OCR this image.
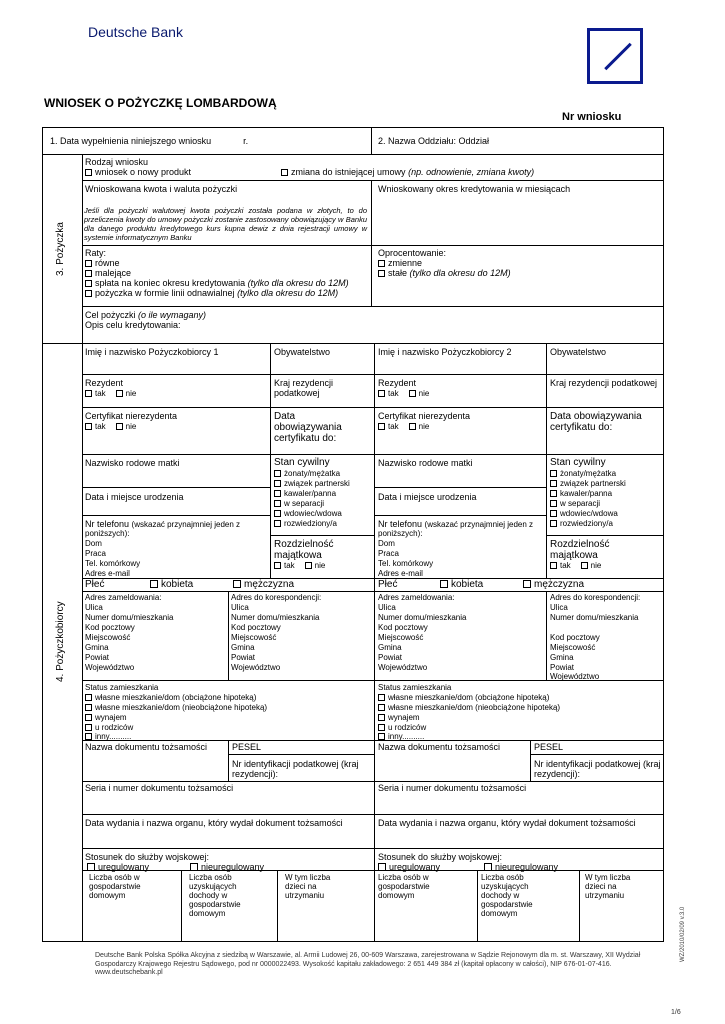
Deutsche Bank
WNIOSEK O POŻYCZKĘ LOMBARDOWĄ
Nr wniosku
1. Data wypełnienia niniejszego wniosku	r.	2. Nazwa Oddziału: Oddział
3. Pożyczka
Rodzaj wniosku
wniosek o nowy produkt	zmiana do istniejącej umowy (np. odnowienie, zmiana kwoty)
Wnioskowana kwota i waluta pożyczki
Jeśli dla pożyczki walutowej kwota pożyczki została podana w złotych, to do przeliczenia kwoty do umowy pożyczki zostanie zastosowany obowiązujący w Banku dla danego produktu kredytowego kurs kupna dewiz z dnia rejestracji umowy w systemie informatycznym Banku
Wnioskowany okres kredytowania w miesiącach
Raty:
równe
malejące
spłata na koniec okresu kredytowania (tylko dla okresu do 12M)
pożyczka w formie linii odnawialnej (tylko dla okresu do 12M)
Oprocentowanie:
zmienne
stałe (tylko dla okresu do 12M)
Cel pożyczki (o ile wymagany)
Opis celu kredytowania:
4. Pożyczkobiorcy
Imię i nazwisko Pożyczkobiorcy 1	Obywatelstwo
Rezydent
tak	nie
Kraj rezydencji
podatkowej
Certyfikat nierezydenta
tak	nie
Data
obowiązywania
certyfikatu do:
Nazwisko rodowe matki	Stan cywilny
żonaty/mężatka
związek partnerski
kawaler/panna
w separacji
wdowiec/wdowa
rozwiedziony/a
Data i miejsce urodzenia
Nr telefonu (wskazać przynajmniej jeden z
poniższych):
Dom
Praca
Tel. komórkowy
Adres e-mail
Rozdzielność
majątkowa
tak	nie
Płeć	kobieta	mężczyzna
Adres zameldowania:
Ulica
Numer domu/mieszkania
Kod pocztowy
Miejscowość
Gmina
Powiat
Województwo
Adres do korespondencji:
Ulica
Numer domu/mieszkania
Kod pocztowy
Miejscowość
Gmina
Powiat
Województwo
Status zamieszkania
własne mieszkanie/dom (obciążone hipoteką)
własne mieszkanie/dom (nieobciążone hipoteką)
wynajem
u rodziców
inny..........
Nazwa dokumentu tożsamości	PESEL
Nr identyfikacji podatkowej (kraj
rezydencji):
Seria i numer dokumentu tożsamości
Data wydania i nazwa organu, który wydał dokument tożsamości
Stosunek do służby wojskowej:
uregulowany	nieuregulowany
Liczba osób w
gospodarstwie
domowym
Liczba osób
uzyskujących
dochody w
gospodarstwie
domowym
W tym liczba
dzieci na
utrzymaniu
Imię i nazwisko Pożyczkobiorcy 2	Obywatelstwo
Rezydent
tak	nie
Kraj rezydencji podatkowej
Certyfikat nierezydenta
tak	nie
Data obowiązywania
certyfikatu do:
Nazwisko rodowe matki	Stan cywilny
żonaty/mężatka
związek partnerski
kawaler/panna
w separacji
wdowiec/wdowa
rozwiedziony/a
Data i miejsce urodzenia
Nr telefonu (wskazać przynajmniej jeden z
poniższych):
Dom
Praca
Tel. komórkowy
Adres e-mail
Rozdzielność
majątkowa
tak	nie
Płeć	kobieta	mężczyzna
Adres zameldowania:
Ulica
Numer domu/mieszkania
Kod pocztowy
Miejscowość
Gmina
Powiat
Województwo
Adres do korespondencji:
Ulica
Numer domu/mieszkania
Kod pocztowy
Miejscowość
Gmina
Powiat
Województwo
Status zamieszkania
własne mieszkanie/dom (obciążone hipoteką)
własne mieszkanie/dom (nieobciążone hipoteką)
wynajem
u rodziców
inny..........
Nazwa dokumentu tożsamości	PESEL
Nr identyfikacji podatkowej (kraj
rezydencji):
Seria i numer dokumentu tożsamości
Data wydania i nazwa organu, który wydał dokument tożsamości
Stosunek do służby wojskowej:
uregulowany	nieuregulowany
Liczba osób w
gospodarstwie
domowym
Liczba osób
uzyskujących
dochody w
gospodarstwie
domowym
W tym liczba
dzieci na
utrzymaniu
Deutsche Bank Polska Spółka Akcyjna z siedzibą w Warszawie, al. Armii Ludowej 26, 00-609 Warszawa, zarejestrowana w Sądzie Rejonowym dla m. st. Warszawy, XII Wydział
Gospodarczy Krajowego Rejestru Sądowego, pod nr 0000022493. Wysokość kapitału zakładowego: 2 651 449 384 zł (kapitał opłacony w całości), NIP 676-01-07-416.
www.deutschebank.pl
WZ/2010/02/09 v.3.0
1/6
